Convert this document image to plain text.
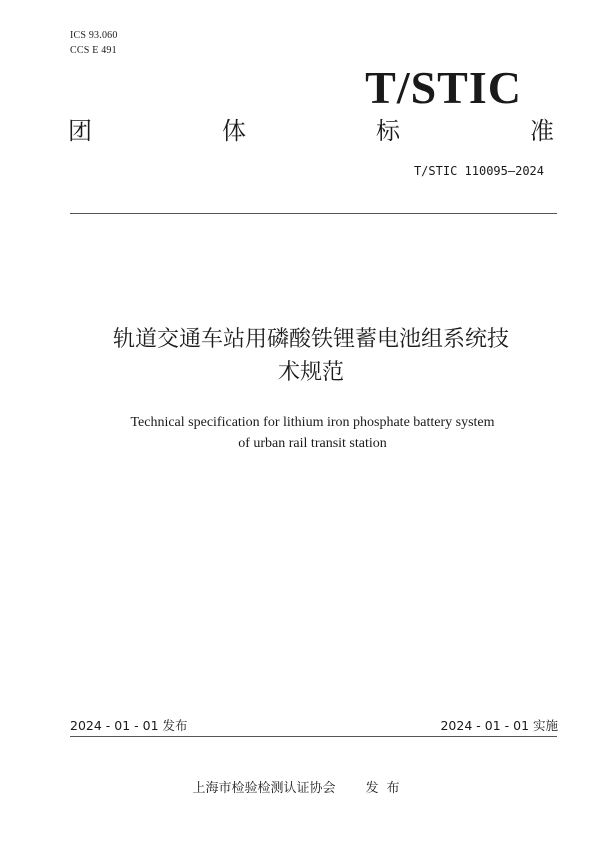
ICS 93.060
CCS E 491
T/STIC
团	体	标	准
T/STIC 110095—2024
轨道交通车站用磷酸铁锂蓄电池组系统技
术规范
Technical specification for lithium iron phosphate battery system
of urban rail transit station
2024 - 01 - 01 发布	2024 - 01 - 01 实施
上海市检验检测认证协会 发布
